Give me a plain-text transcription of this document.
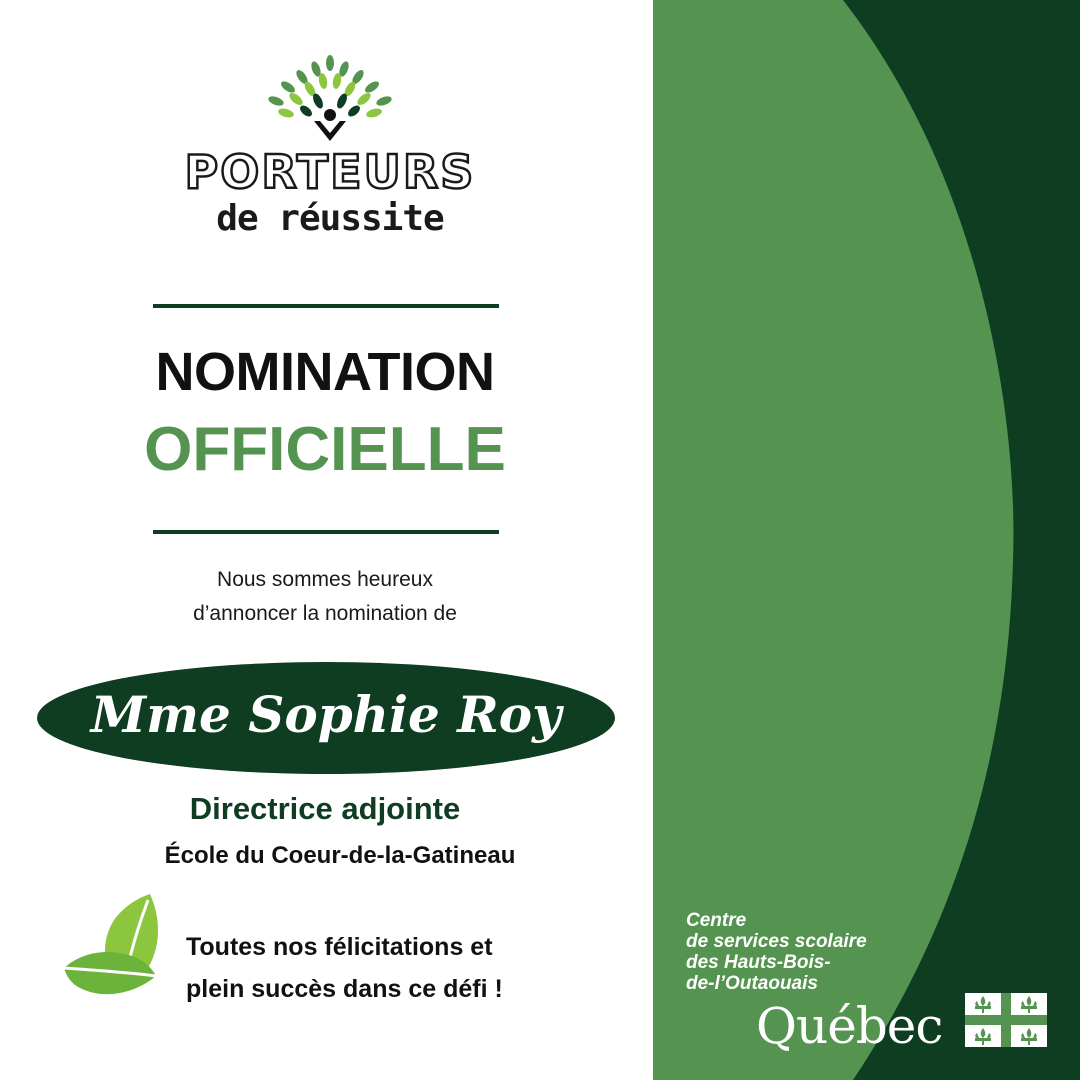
PORTEURS
de réussite
NOMINATION
OFFICIELLE
Nous sommes heureux
d’annoncer la nomination de
Mme Sophie Roy
Directrice adjointe
École du Coeur-de-la-Gatineau
Toutes nos félicitations et
plein succès dans ce défi !
Centre
de services scolaire
des Hauts-Bois-
de-l’Outaouais
Québec
